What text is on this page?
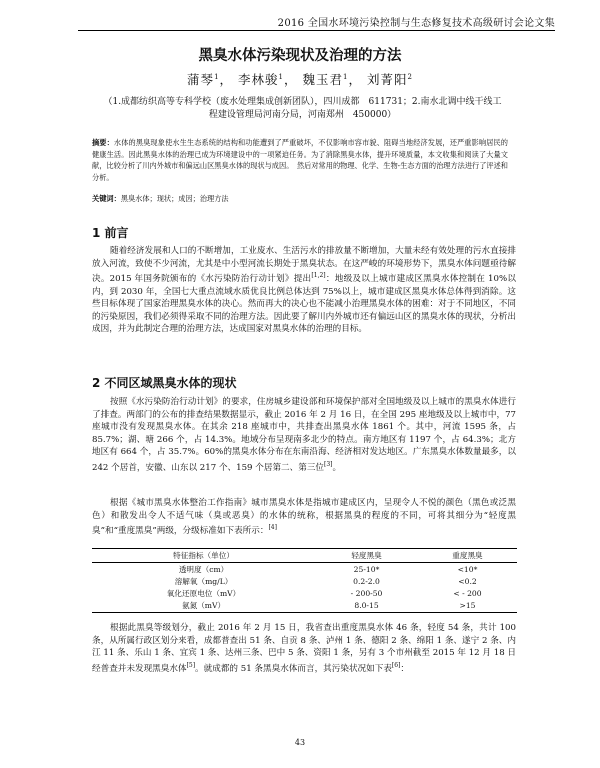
2016 全国水环境污染控制与生态修复技术高级研讨会论文集
黑臭水体污染现状及治理的方法
蒲琴$^1$， 李林骏$^1$， 魏玉君$^1$， 刘菁阳$^2$
（1.成都纺织高等专科学校（废水处理集成创新团队），四川成都　611731；2.南水北调中线干线工程建设管理局河南分局，河南郑州　450000）
摘要：水体的黑臭现象使水生生态系统的结构和功能遭到了严重破坏，不仅影响市容市貌、阻碍当地经济发展，还严重影响居民的健康生活。因此黑臭水体的治理已成为环境建设中的一项紧迫任务。为了消除黑臭水体，提升环境质量，本文收集和阅读了大量文献，比较分析了川内外城市和偏远山区黑臭水体的现状与成因。　然后对常用的物理、化学、生物-生态方面的治理方法进行了评述和分析。
关键词：黑臭水体；现状；成因；治理方法
1 前言
随着经济发展和人口的不断增加，工业废水、生活污水的排放量不断增加，大量未经有效处理的污水直接排放入河流，致使不少河流，尤其是中小型河流长期处于黑臭状态。在这严峻的环境形势下，黑臭水体问题亟待解决。2015 年国务院颁布的《水污染防治行动计划》提出[1,2]：地级及以上城市建成区黑臭水体控制在 10%以内，到 2030 年，全国七大重点流域水质优良比例总体达到 75%以上，城市建成区黑臭水体总体得到消除。这些目标体现了国家治理黑臭水体的决心。然而再大的决心也不能减小治理黑臭水体的困难：对于不同地区，不同的污染原因，我们必须得采取不同的治理方法。因此要了解川内外城市还有偏远山区的黑臭水体的现状，分析出成因，并为此制定合理的治理方法，达成国家对黑臭水体的治理的目标。
2 不同区域黑臭水体的现状
按照《水污染防治行动计划》的要求，住房城乡建设部和环境保护部对全国地级及以上城市的黑臭水体进行了排查。两部门的公布的排查结果数据显示，截止 2016 年 2 月 16 日，在全国 295 座地级及以上城市中，77 座城市没有发现黑臭水体。在其余 218 座城市中，共排查出黑臭水体 1861 个。其中，河流 1595 条，占 85.7%；湖、塘 266 个，占 14.3%。地域分布呈现南多北少的特点。南方地区有 1197 个，占 64.3%；北方地区有 664 个，占 35.7%。60%的黑臭水体分布在东南沿海、经济相对发达地区。广东黑臭水体数量最多，以 242 个居首，安徽、山东以 217 个、159 个居第二、第三位[3]。
根据《城市黑臭水体整治工作指南》城市黑臭水体是指城市建成区内，呈现令人不悦的颜色（黑色或泛黑色）和散发出令人不适气味（臭或恶臭）的水体的统称，根据黑臭的程度的不同，可将其细分为“轻度黑臭”和“重度黑臭”两级，分级标准如下表所示：[4]
特征指标（单位）	轻度黑臭	重度黑臭
透明度（cm）	25-10*	<10*
溶解氧（mg/L）	0.2-2.0	<0.2
氧化还原电位（mV）	- 200-50	< - 200
氨氮（mV）	8.0-15	>15
根据此黑臭等级划分，截止 2016 年 2 月 15 日，我省查出重度黑臭水体 46 条，轻度 54 条，共计 100 条，从所属行政区划分来看，成都普查出 51 条、自贡 8 条、泸州 1 条、德阳 2 条、绵阳 1 条、遂宁 2 条、内江 11 条、乐山 1 条、宜宾 1 条、达州三条、巴中 5 条、资阳 1 条，另有 3 个市州截至 2015 年 12 月 18 日经普查并未发现黑臭水体[5]。就成都的 51 条黑臭水体而言，其污染状况如下表[6]：
43
